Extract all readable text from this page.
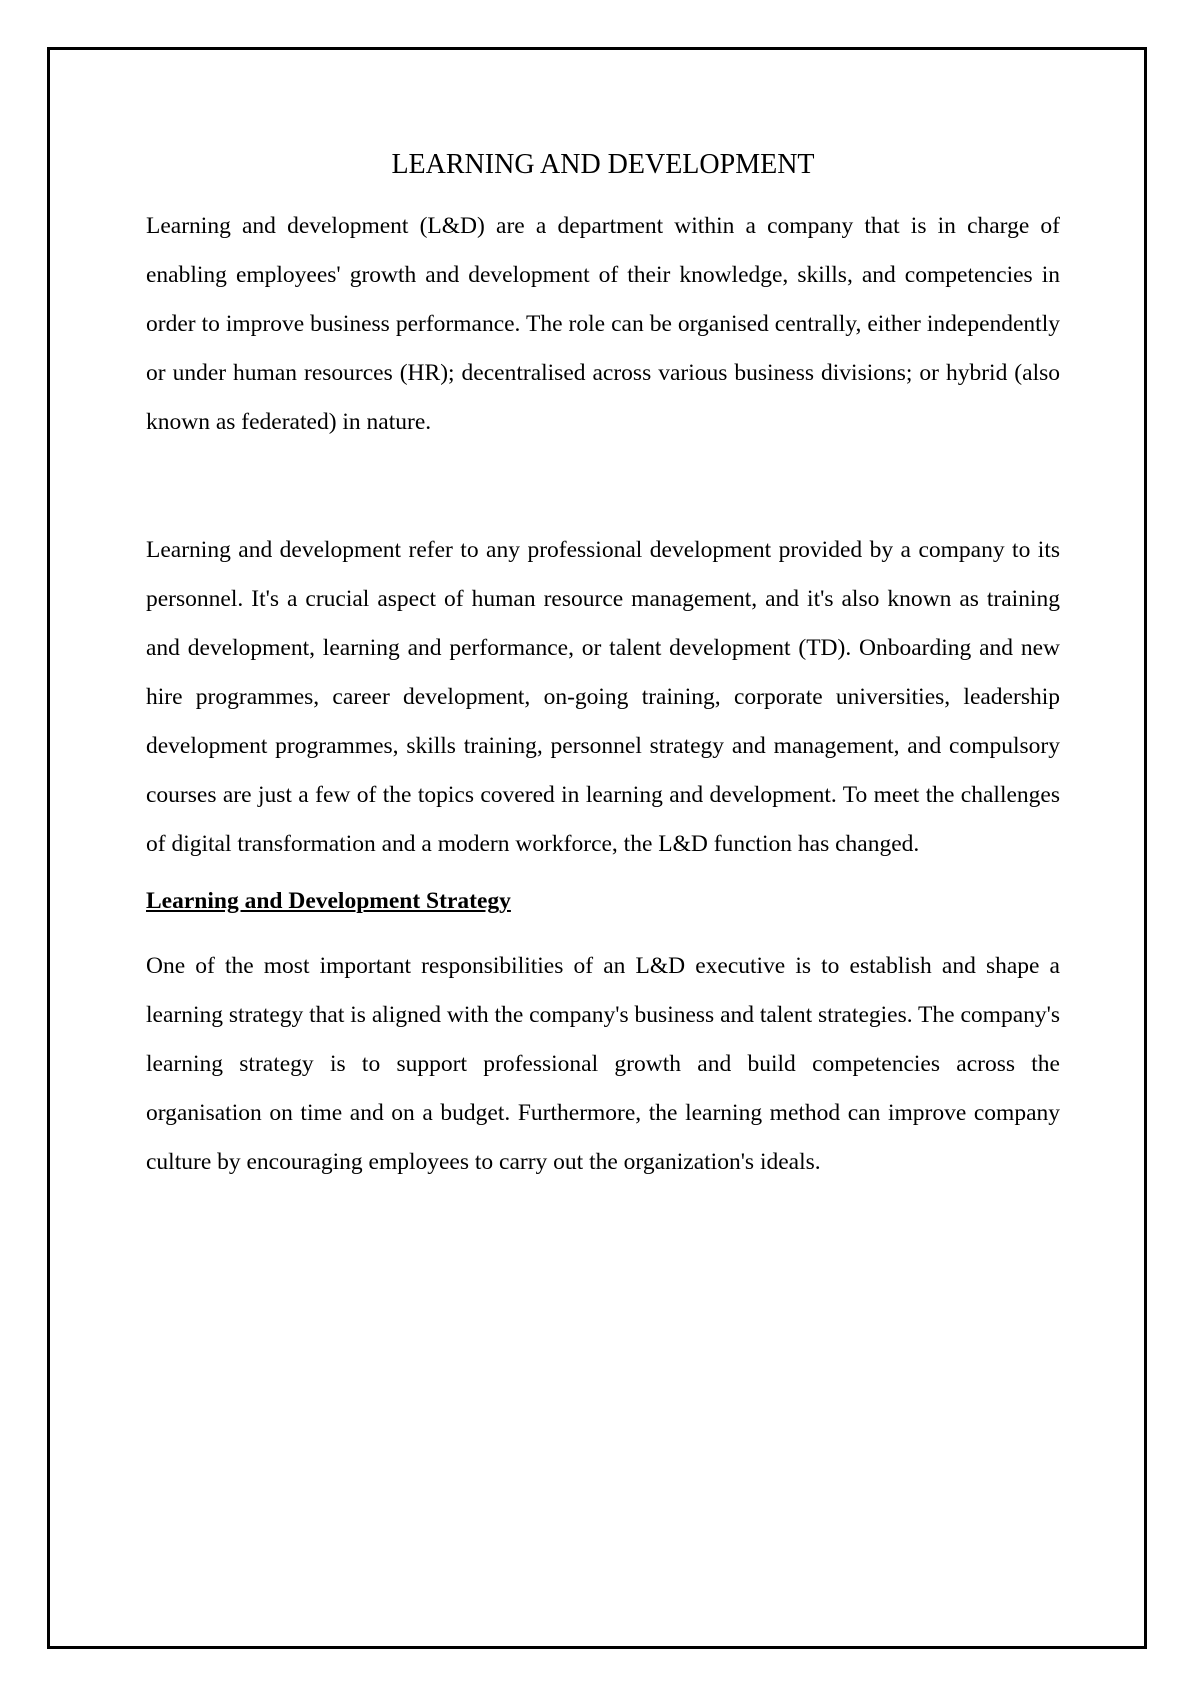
LEARNING AND DEVELOPMENT

Learning and development (L&D) are a department within a company that is in charge of enabling employees' growth and development of their knowledge, skills, and competencies in order to improve business performance. The role can be organised centrally, either independently or under human resources (HR); decentralised across various business divisions; or hybrid (also known as federated) in nature.

Learning and development refer to any professional development provided by a company to its personnel. It's a crucial aspect of human resource management, and it's also known as training and development, learning and performance, or talent development (TD). Onboarding and new hire programmes, career development, on-going training, corporate universities, leadership development programmes, skills training, personnel strategy and management, and compulsory courses are just a few of the topics covered in learning and development. To meet the challenges of digital transformation and a modern workforce, the L&D function has changed.

Learning and Development Strategy

One of the most important responsibilities of an L&D executive is to establish and shape a learning strategy that is aligned with the company's business and talent strategies. The company's learning strategy is to support professional growth and build competencies across the organisation on time and on a budget. Furthermore, the learning method can improve company culture by encouraging employees to carry out the organization's ideals.
